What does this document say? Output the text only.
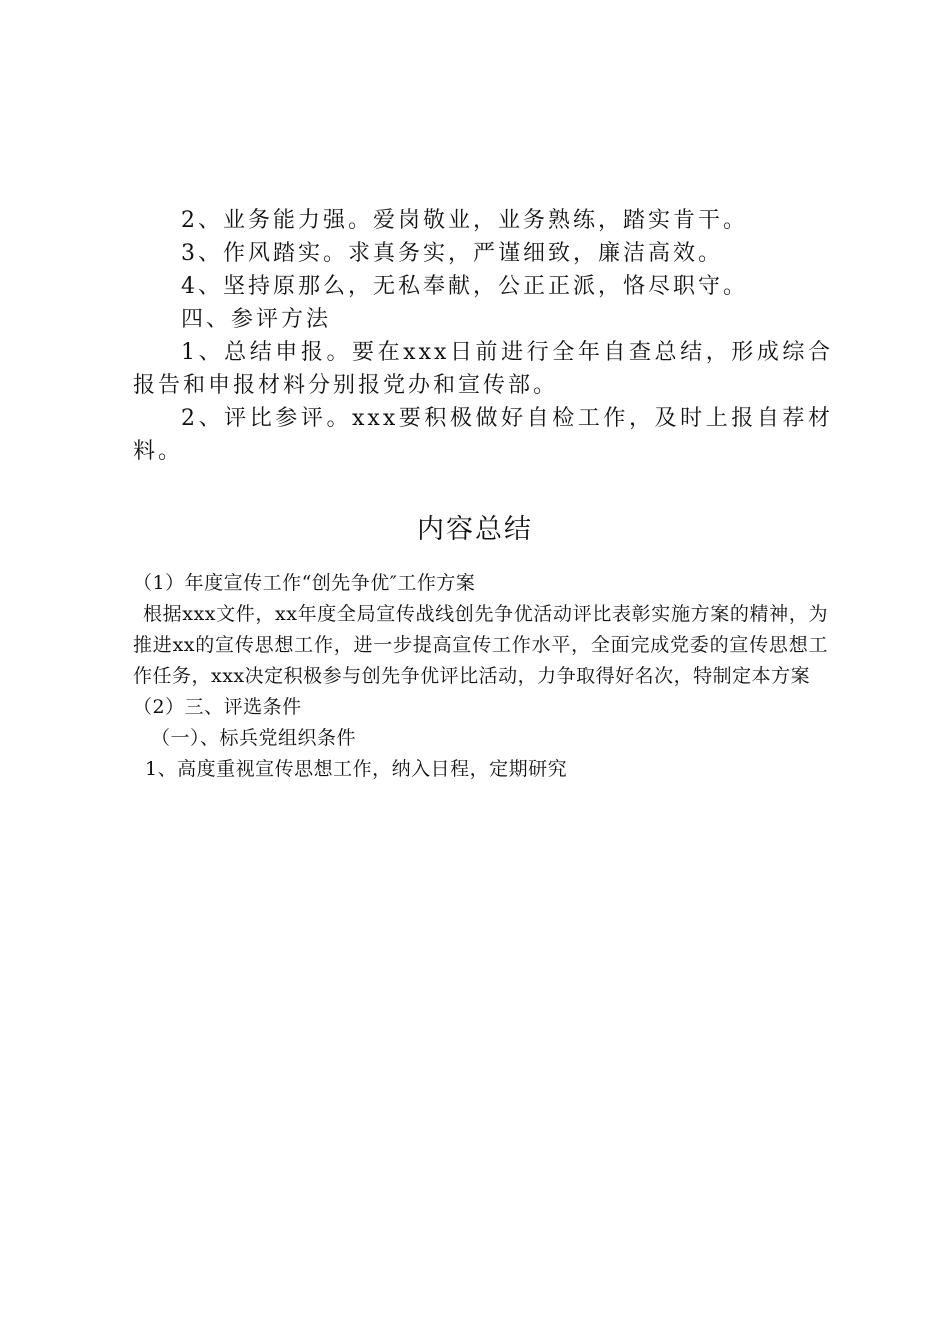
2、业务能力强。爱岗敬业，业务熟练，踏实肯干。

3、作风踏实。求真务实，严谨细致，廉洁高效。

4、坚持原那么，无私奉献，公正正派，恪尽职守。

四、参评方法

1、总结申报。要在xxx日前进行全年自查总结，形成综合报告和申报材料分别报党办和宣传部。

2、评比参评。xxx要积极做好自检工作，及时上报自荐材料。

内容总结

（1）年度宣传工作“创先争优″工作方案

根据xxx文件，xx年度全局宣传战线创先争优活动评比表彰实施方案的精神，为推进xx的宣传思想工作，进一步提高宣传工作水平，全面完成党委的宣传思想工作任务，xxx决定积极参与创先争优评比活动，力争取得好名次，特制定本方案

（2）三、评选条件

（一）、标兵党组织条件

1、高度重视宣传思想工作，纳入日程，定期研究
